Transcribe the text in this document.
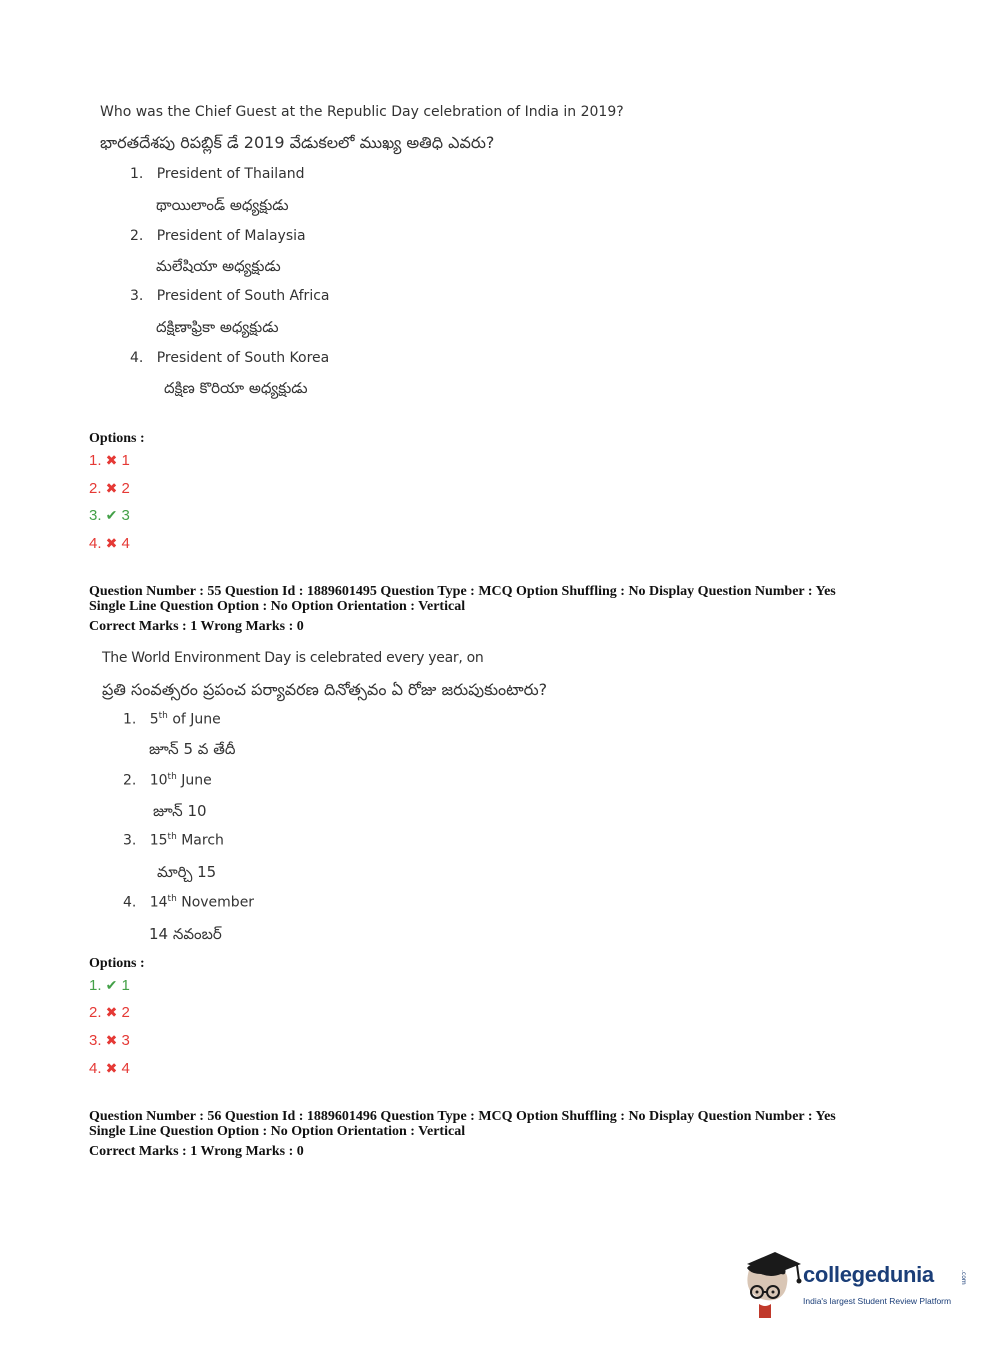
Who was the Chief Guest at the Republic Day celebration of India in 2019?
భారతదేశపు రిపబ్లిక్ డే 2019 వేడుకలలో ముఖ్య అతిధి ఎవరు?
1. President of Thailand
థాయిలాండ్ అధ్యక్షుడు
2. President of Malaysia
మలేషియా అధ్యక్షుడు
3. President of South Africa
దక్షిణాఫ్రికా అధ్యక్షుడు
4. President of South Korea
దక్షిణ కొరియా అధ్యక్షుడు
Options :
1. ✖ 1
2. ✖ 2
3. ✔ 3
4. ✖ 4
Question Number : 55 Question Id : 1889601495 Question Type : MCQ Option Shuffling : No Display Question Number : Yes
Single Line Question Option : No Option Orientation : Vertical
Correct Marks : 1 Wrong Marks : 0
The World Environment Day is celebrated every year, on
ప్రతి సంవత్సరం ప్రపంచ పర్యావరణ దినోత్సవం ఏ రోజు జరుపుకుంటారు?
1. 5th of June
జూన్ 5 వ తేదీ
2. 10th June
జూన్ 10
3. 15th March
మార్చి 15
4. 14th November
14 నవంబర్
Options :
1. ✔ 1
2. ✖ 2
3. ✖ 3
4. ✖ 4
Question Number : 56 Question Id : 1889601496 Question Type : MCQ Option Shuffling : No Display Question Number : Yes
Single Line Question Option : No Option Orientation : Vertical
Correct Marks : 1 Wrong Marks : 0
collegedunia	.com
India's largest Student Review Platform
